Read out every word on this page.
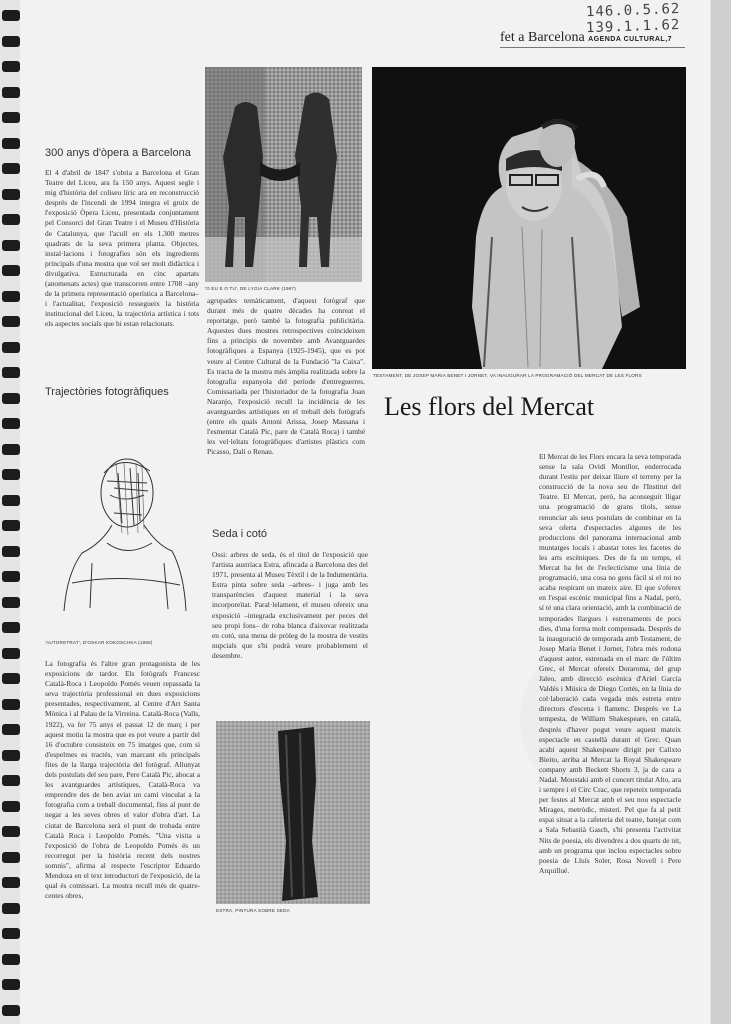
146.0.5.62
139.1.1.62
fet a Barcelona AGENDA CULTURAL,7
300 anys d'òpera a Barcelona

El 4 d'abril de 1847 s'obria a Barcelona el Gran Teatre del Liceu, ara fa 150 anys. Aquest segle i mig d'història del coliseu líric ara en reconstrucció després de l'incendi de 1994 integra el gruix de l'exposició Òpera Liceu, presentada conjuntament pel Consorci del Gran Teatre i el Museu d'Història de Catalunya, que l'acull en els 1.300 metres quadrats de la seva primera planta. Objectes, instal·lacions i fotografies són els ingredients principals d'una mostra que vol ser molt didàctica i divulgativa. Estructurada en cinc apartats (anomenats actes) que transcorren entre 1708 –any de la primera representació operística a Barcelona– i l'actualitat, l'exposició ressegueix la història institucional del Liceu, la trajectòria artística i tots els aspectes socials que hi estan relacionats.

Trajectòries fotogràfiques
'AUTORETRAT', D'OSKAR KOKOSCHKA (1968)

La fotografia és l'altre gran protagonista de les exposicions de tardor. Els fotògrafs Francesc Català-Roca i Leopoldo Pomés veuen repassada la seva trajectòria professional en dues exposicions presentades, respectivament, al Centre d'Art Santa Mònica i al Palau de la Virreina. Català-Roca (Valls, 1922), va fer 75 anys el passat 12 de març i per aquest motiu la mostra que es pot veure a partir del 16 d'octubre consisteix en 75 imatges que, com si d'espelmes es tractés, van marcant els principals fites de la llarga trajectòria del fotògraf. Allunyat dels postulats del seu pare, Pere Català Pic, abocat a les avantguardes artístiques, Català-Roca va emprendre des de ben aviat un camí vinculat a la fotografia com a treball documental, fins al punt de negar a les seves obres el valor d'obra d'art. La ciutat de Barcelona serà el punt de trobada entre Català Roca i Leopoldo Pomés. "Una visita a l'exposició de l'obra de Leopoldo Pomés és un recorregut per la història recent dels nostres somnis", afirma al respecte l'escriptor Eduardo Mendoza en el text introductori de l'exposició, de la qual és comissari. La mostra recull més de quatre-centes obres,

'O EU E O TU', DE LYGIA CLARK (1967)

agrupades temàticament, d'aquest fotògraf que durant més de quatre dècades ha conreat el reportatge, però també la fotografia publicitària. Aquestes dues mostres retrospectives coincideixen fins a principis de novembre amb Avantguardes fotogràfiques a Espanya (1925-1945), que es pot veure al Centre Cultural de la Fundació "la Caixa". Es tracta de la mostra més àmplia realitzada sobre la fotografia espanyola del període d'entreguerres. Comissariada per l'historiador de la fotografia Joan Naranjo, l'exposició recull la incidència de les avantguardes artístiques en el treball dels fotògrafs (entre els quals Antoni Arissa, Josep Massana i l'esmentat Català Pic, pare de Català Roca) i també les vel·leïtats fotogràfiques d'artistes plàstics com Picasso, Dalí o Renau.

Seda i cotó

Ossi: arbres de seda, és el títol de l'exposició que l'artista austríaca Estra, afincada a Barcelona des del 1971, presenta al Museu Tèxtil i de la Indumentària. Estra pinta sobre seda –arbres– i juga amb les transparències d'aquest material i la seva incorporeïtat. Paral·lelament, el museu ofereix una exposició –integrada exclusivament per peces del seu propi fons– de roba blanca d'aixovar realitzada en cotó, una mena de pròleg de la mostra de vestits nupcials que s'hi podrà veure probablement el desembre.

ESTRA, PINTURA SOBRE SEDA
TESTAMENT, DE JOSEP MARIA BENET I JORNET, VA INAUGURAR LA PROGRAMACIÓ DEL MERCAT DE LES FLORS
Les flors del Mercat

El Mercat de les Flors encara la seva temporada sense la sala Ovidi Montllor, enderrocada durant l'estiu per deixar lliure el terreny per la construcció de la nova seu de l'Institut del Teatre. El Mercat, però, ha aconseguit lligar una programació de grans títols, sense renunciar als seus postulats de combinar en la seva oferta d'espectacles algunes de les produccions del panorama internacional amb muntatges locals i abastar totes les facetes de les arts escèniques. Des de fa un temps, el Mercat ha fet de l'eclecticisme una línia de programació, una cosa no gens fàcil si el roi no acaba respirant un mateix aire. El que s'oferex en l'espai escènic municipal fins a Nadal, però, sí té una clara orientació, amb la combinació de temporades llargues i estrenaments de pocs dies, d'una forma molt compensada. Després de la inauguració de temporada amb Testament, de Josep Maria Benet i Jornet, l'obra més rodona d'aquest autor, estrenada en el marc de l'últim Grec, el Mercat ofereix Doraroma, del grup Jaleo, amb direcció escènica d'Ariel García Valdés i Música de Diego Cortés, en la línia de col·laboració cada vegada més estreta entre directors d'escena i flamenc. Després ve La tempesta, de William Shakespeare, en català, després d'haver pogut veure aquest mateix espectacle en castellà durant el Grec. Quan acabi aquest Shakespeare dirigit per Calixto Bieito, arriba al Mercat la Royal Shakespeare company amb Beckett Shorts 3, ja de cara a Nadal. Moustaki amb el concert titulat Alto, ara i sempre i el Circ Crac, que repeteix temporada per festes al Mercat amb el seu nou espectacle Mirages, metròdic, misteri. Pel que fa al petit espai situat a la cafeteria del teatre, batejat com a Sala Sebastià Gasch, s'hi presenta l'activitat Nits de poesia, els divendres a dos quarts de nit, amb un programa que inclou espectacles sobre poesia de Lluís Soler, Rosa Novell i Pere Arquillué.
